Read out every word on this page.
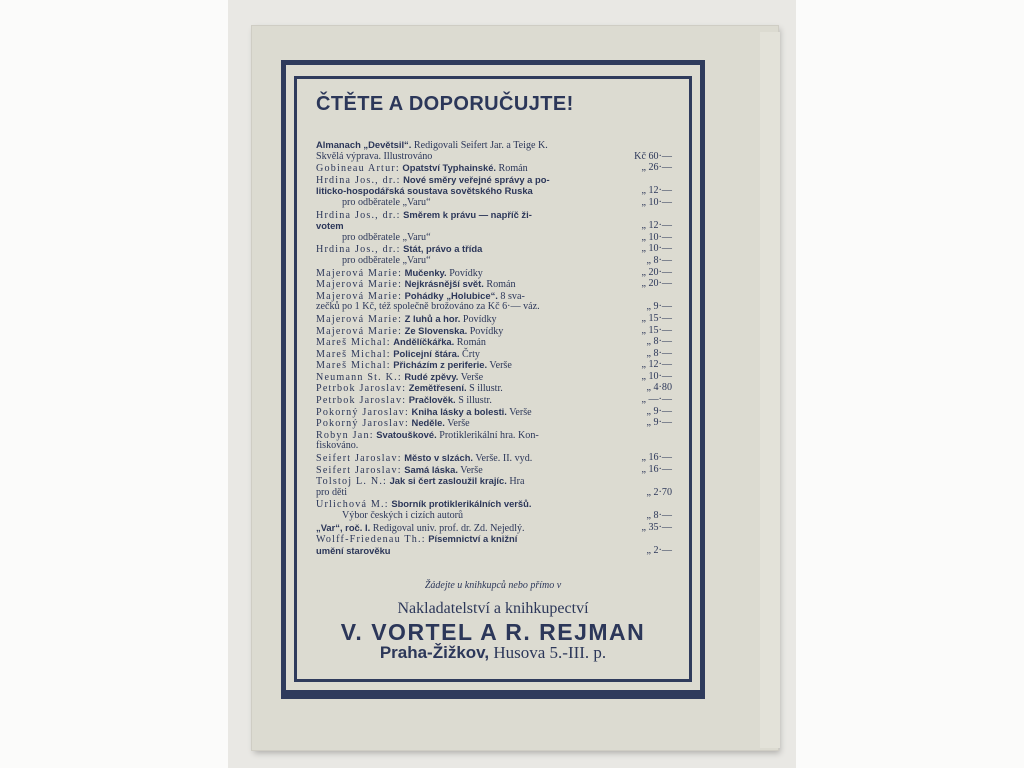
ČTĚTE A DOPORUČUJTE!
Almanach „Devětsil“. Redigovali Seifert Jar. a Teige K.
Skvělá výprava. Illustrováno	Kč 60·—
Gobineau Artur: Opatství Typhainské. Román	„ 26·—
Hrdina Jos., dr.: Nové směry veřejné správy a po-
liticko-hospodářská soustava sovětského Ruska	„ 12·—
pro odběratele „Varu“	„ 10·—
Hrdina Jos., dr.: Směrem k právu — napříč ži-
votem	„ 12·—
pro odběratele „Varu“	„ 10·—
Hrdina Jos., dr.: Stát, právo a třída	„ 10·—
pro odběratele „Varu“	„ 8·—
Majerová Marie: Mučenky. Povídky	„ 20·—
Majerová Marie: Nejkrásnější svět. Román	„ 20·—
Majerová Marie: Pohádky „Holubice“. 8 sva-
zečků po 1 Kč, též společně brožováno za Kč 6·— váz.	„ 9·—
Majerová Marie: Z luhů a hor. Povídky	„ 15·—
Majerová Marie: Ze Slovenska. Povídky	„ 15·—
Mareš Michal: Andělíčkářka. Román	„ 8·—
Mareš Michal: Policejní štára. Črty	„ 8·—
Mareš Michal: Přicházím z periferie. Verše	„ 12·—
Neumann St. K.: Rudé zpěvy. Verše	„ 10·—
Petrbok Jaroslav: Zemětřesení. S illustr.	„ 4·80
Petrbok Jaroslav: Pračlověk. S illustr.	„ —·—
Pokorný Jaroslav: Kniha lásky a bolesti. Verše	„ 9·—
Pokorný Jaroslav: Neděle. Verše	„ 9·—
Robyn Jan: Svatouškové. Protiklerikální hra. Kon-
fiskováno.
Seifert Jaroslav: Město v slzách. Verše. II. vyd.	„ 16·—
Seifert Jaroslav: Samá láska. Verše	„ 16·—
Tolstoj L. N.: Jak si čert zasloužil krajíc. Hra
pro děti	„ 2·70
Urlichová M.: Sborník protiklerikálních veršů.
Výbor českých i cizích autorů	„ 8·—
„Var“, roč. I. Redigoval univ. prof. dr. Zd. Nejedlý.	„ 35·—
Wolff-Friedenau Th.: Písemnictví a knižní
umění starověku	„ 2·—
Žádejte u knihkupců nebo přímo v
Nakladatelství a knihkupectví
V. VORTEL A R. REJMAN
Praha-Žižkov, Husova 5.-III. p.
